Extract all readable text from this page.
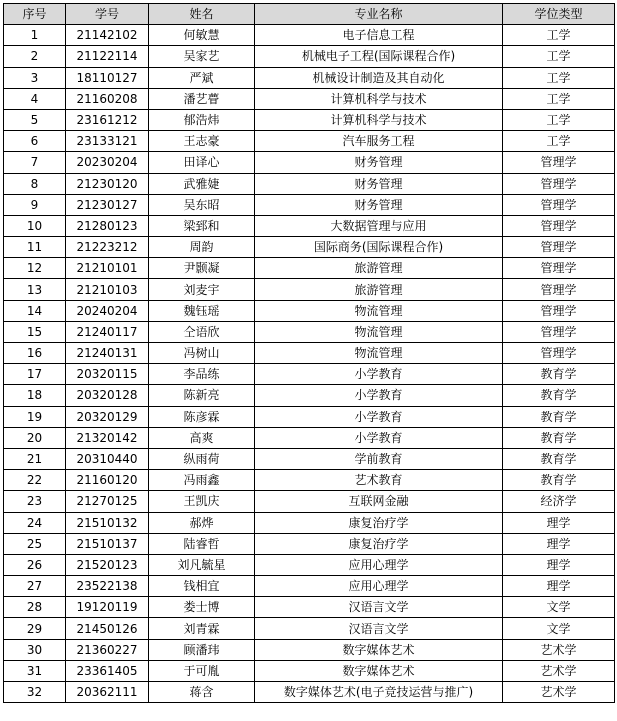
序号	学号	姓名	专业名称	学位类型
1	21142102	何敏慧	电子信息工程	工学
2	21122114	吴家艺	机械电子工程(国际课程合作)	工学
3	18110127	严斌	机械设计制造及其自动化	工学
4	21160208	潘艺瞢	计算机科学与技术	工学
5	23161212	郁浩炜	计算机科学与技术	工学
6	23133121	王志豪	汽车服务工程	工学
7	20230204	田译心	财务管理	管理学
8	21230120	武雅婕	财务管理	管理学
9	21230127	吴东昭	财务管理	管理学
10	21280123	梁郅和	大数据管理与应用	管理学
11	21223212	周韵	国际商务(国际课程合作)	管理学
12	21210101	尹颢凝	旅游管理	管理学
13	21210103	刘麦宇	旅游管理	管理学
14	20240204	魏钰瑶	物流管理	管理学
15	21240117	仝语欣	物流管理	管理学
16	21240131	冯树山	物流管理	管理学
17	20320115	李品练	小学教育	教育学
18	20320128	陈新亮	小学教育	教育学
19	20320129	陈彦霖	小学教育	教育学
20	21320142	高爽	小学教育	教育学
21	20310440	纵雨荷	学前教育	教育学
22	21160120	冯雨鑫	艺术教育	教育学
23	21270125	王凯庆	互联网金融	经济学
24	21510132	郝烨	康复治疗学	理学
25	21510137	陆睿哲	康复治疗学	理学
26	21520123	刘凡毓星	应用心理学	理学
27	23522138	钱相宜	应用心理学	理学
28	19120119	娄士博	汉语言文学	文学
29	21450126	刘青霖	汉语言文学	文学
30	21360227	顾潘玮	数字媒体艺术	艺术学
31	23361405	于可胤	数字媒体艺术	艺术学
32	20362111	蒋含	数字媒体艺术(电子竞技运营与推广)	艺术学
